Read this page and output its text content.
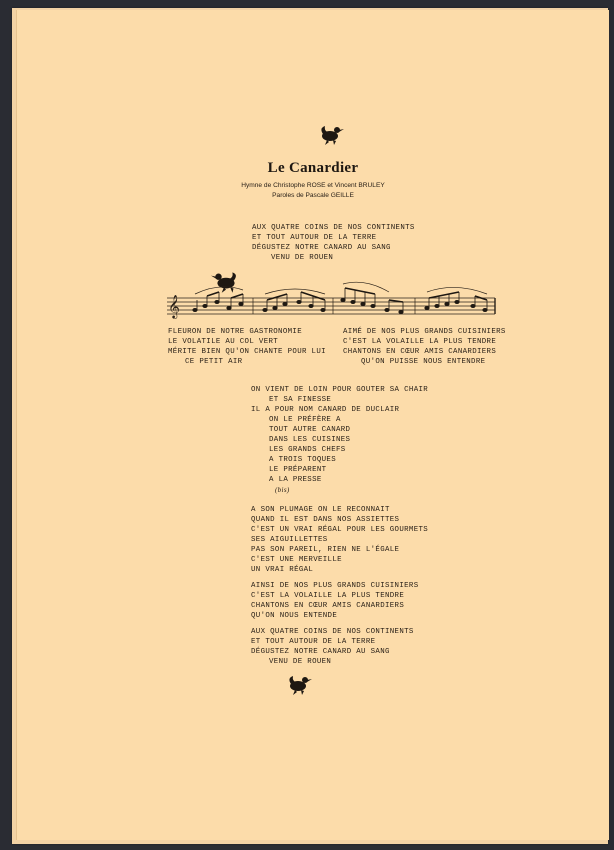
Le Canardier
Hymne de Christophe ROSE et Vincent BRULEY
Paroles de Pascale GEILLE
AUX QUATRE COINS DE NOS CONTINENTS
ET TOUT AUTOUR DE LA TERRE
DÉGUSTEZ NOTRE CANARD AU SANG
VENU DE ROUEN
𝄞
FLEURON DE NOTRE GASTRONOMIE
LE VOLATILE AU COL VERT
MÉRITE BIEN QU'ON CHANTE POUR LUI
CE PETIT AIR
AIMÉ DE NOS PLUS GRANDS CUISINIERS
C'EST LA VOLAILLE LA PLUS TENDRE
CHANTONS EN CŒUR AMIS CANARDIERS
QU'ON PUISSE NOUS ENTENDRE
ON VIENT DE LOIN POUR GOUTER SA CHAIR
ET SA FINESSE
IL A POUR NOM CANARD DE DUCLAIR
ON LE PRÉFÈRE A
TOUT AUTRE CANARD
DANS LES CUISINES
LES GRANDS CHEFS
A TROIS TOQUES
LE PRÉPARENT
A LA PRESSE
(bis)
A SON PLUMAGE ON LE RECONNAIT
QUAND IL EST DANS NOS ASSIETTES
C'EST UN VRAI RÉGAL POUR LES GOURMETS
SES AIGUILLETTES
PAS SON PAREIL, RIEN NE L'ÉGALE
C'EST UNE MERVEILLE
UN VRAI RÉGAL
AINSI DE NOS PLUS GRANDS CUISINIERS
C'EST LA VOLAILLE LA PLUS TENDRE
CHANTONS EN CŒUR AMIS CANARDIERS
QU'ON NOUS ENTENDE
AUX QUATRE COINS DE NOS CONTINENTS
ET TOUT AUTOUR DE LA TERRE
DÉGUSTEZ NOTRE CANARD AU SANG
VENU DE ROUEN
